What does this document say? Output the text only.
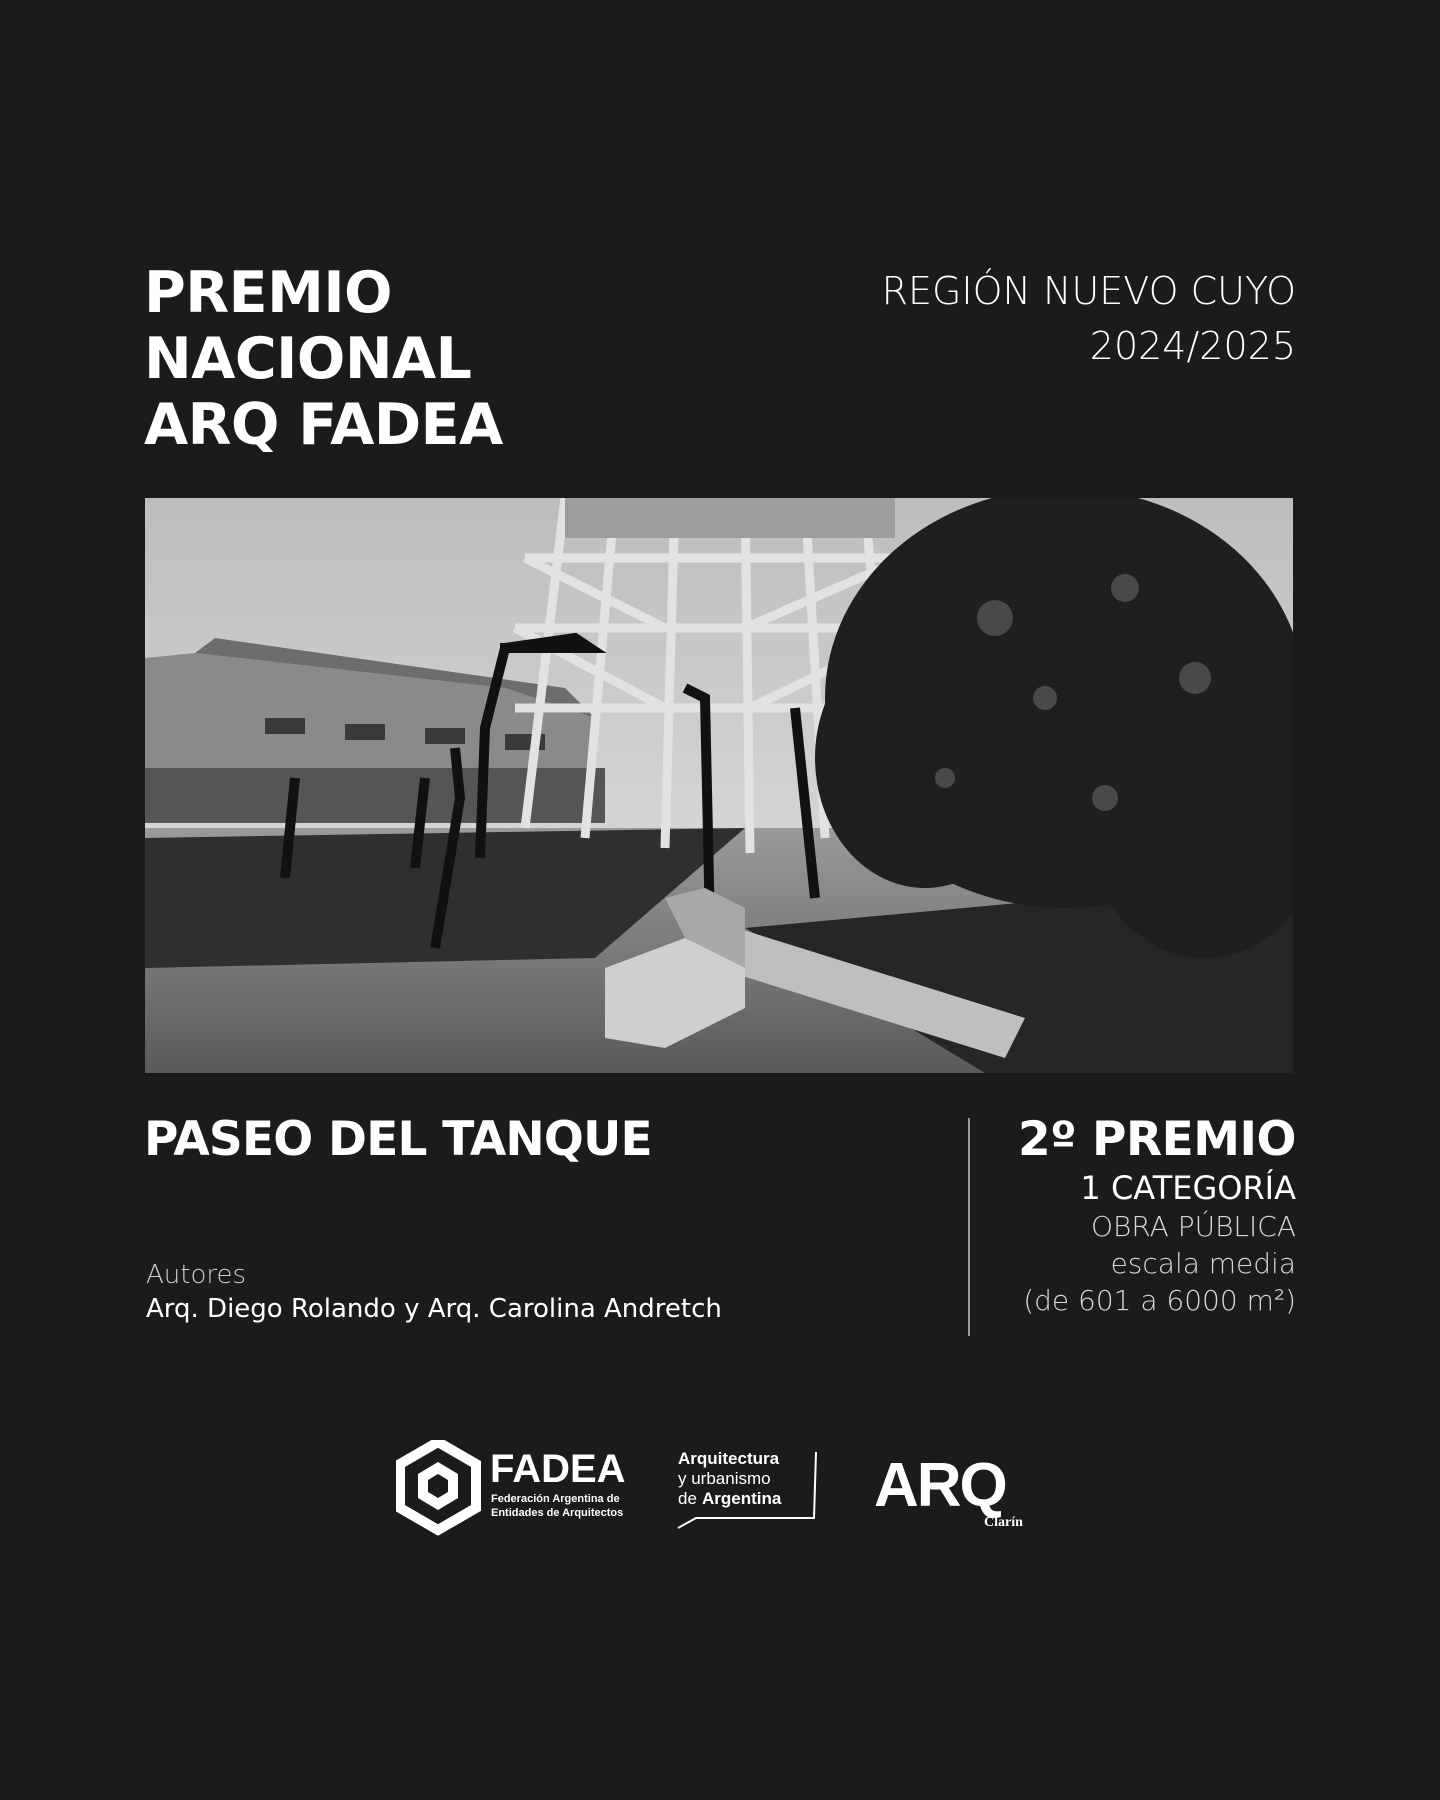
PREMIO
NACIONAL
ARQ FADEA
REGIÓN NUEVO CUYO
2024/2025
PASEO DEL TANQUE
Autores
Arq. Diego Rolando y Arq. Carolina Andretch
2º PREMIO
1 CATEGORÍA
OBRA PÚBLICA
escala media
(de 601 a 6000 m²)
FADEA
Federación Argentina de
Entidades de Arquitectos
Arquitectura
y urbanismo
de Argentina ARQ
Clarín
